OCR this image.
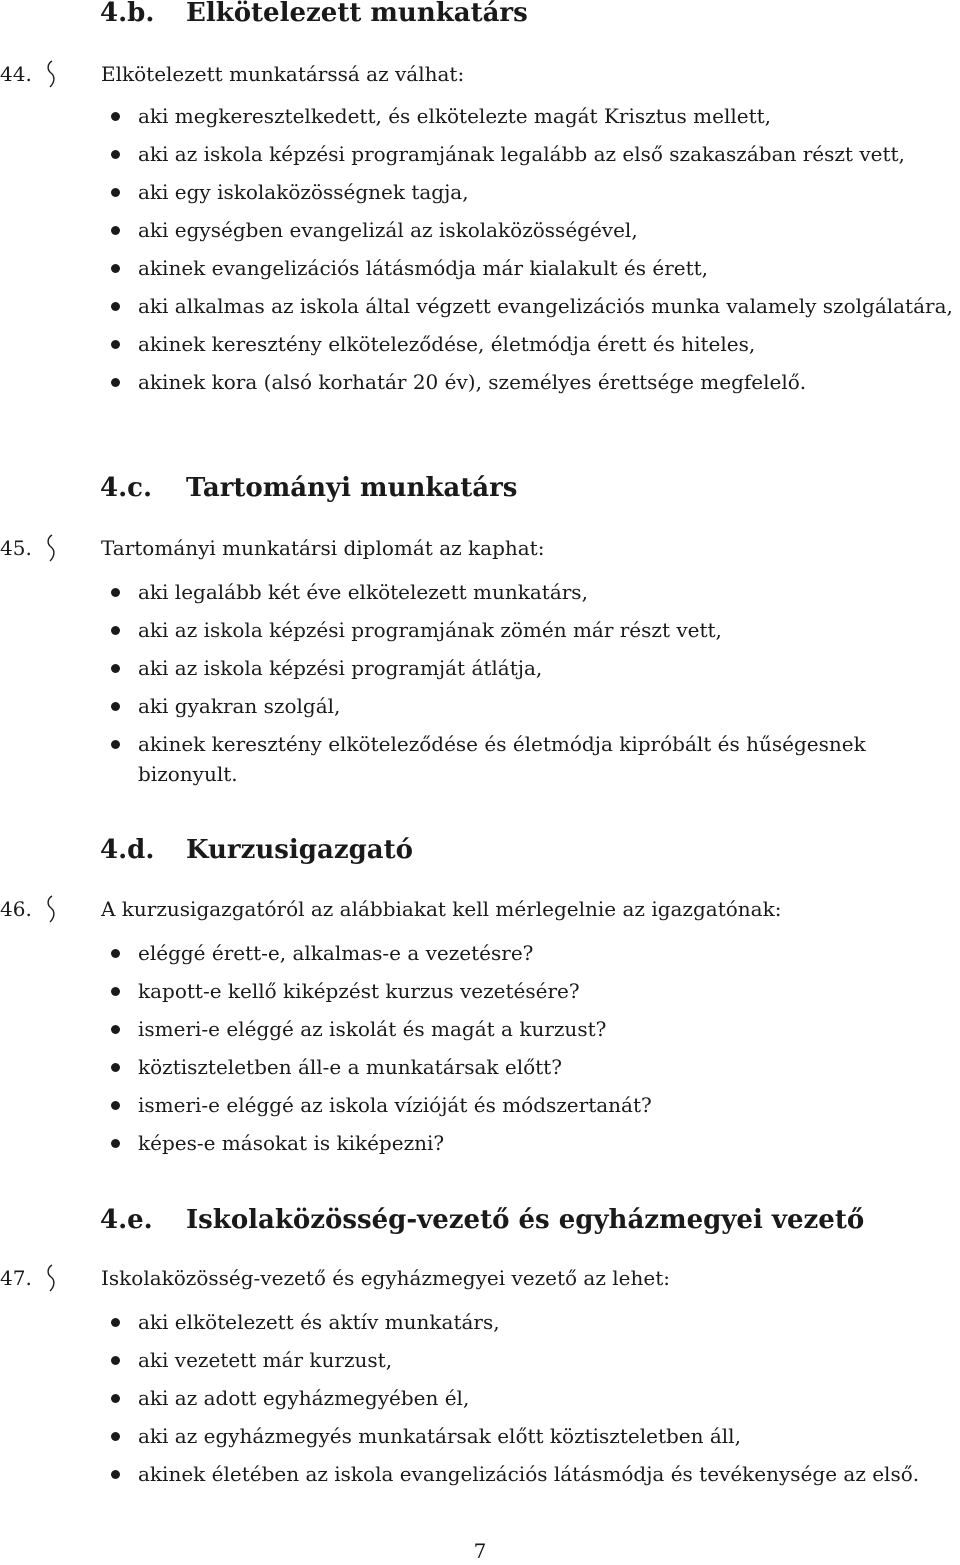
4.b. Elkötelezett munkatárs
44.	Elkötelezett munkatárssá az válhat:
aki megkeresztelkedett, és elkötelezte magát Krisztus mellett,
aki az iskola képzési programjának legalább az első szakaszában részt vett,
aki egy iskolaközösségnek tagja,
aki egységben evangelizál az iskolaközösségével,
akinek evangelizációs látásmódja már kialakult és érett,
aki alkalmas az iskola által végzett evangelizációs munka valamely szolgálatára,
akinek keresztény elköteleződése, életmódja érett és hiteles,
akinek kora (alsó korhatár 20 év), személyes érettsége megfelelő.
4.c. Tartományi munkatárs
45.	Tartományi munkatársi diplomát az kaphat:
aki legalább két éve elkötelezett munkatárs,
aki az iskola képzési programjának zömén már részt vett,
aki az iskola képzési programját átlátja,
aki gyakran szolgál,
akinek keresztény elköteleződése és életmódja kipróbált és hűségesnek bizonyult.
4.d. Kurzusigazgató
46.	A kurzusigazgatóról az alábbiakat kell mérlegelnie az igazgatónak:
eléggé érett-e, alkalmas-e a vezetésre?
kapott-e kellő kiképzést kurzus vezetésére?
ismeri-e eléggé az iskolát és magát a kurzust?
köztiszteletben áll-e a munkatársak előtt?
ismeri-e eléggé az iskola vízióját és módszertanát?
képes-e másokat is kiképezni?
4.e. Iskolaközösség-vezető és egyházmegyei vezető
47.	Iskolaközösség-vezető és egyházmegyei vezető az lehet:
aki elkötelezett és aktív munkatárs,
aki vezetett már kurzust,
aki az adott egyházmegyében él,
aki az egyházmegyés munkatársak előtt köztiszteletben áll,
akinek életében az iskola evangelizációs látásmódja és tevékenysége az első.
7
